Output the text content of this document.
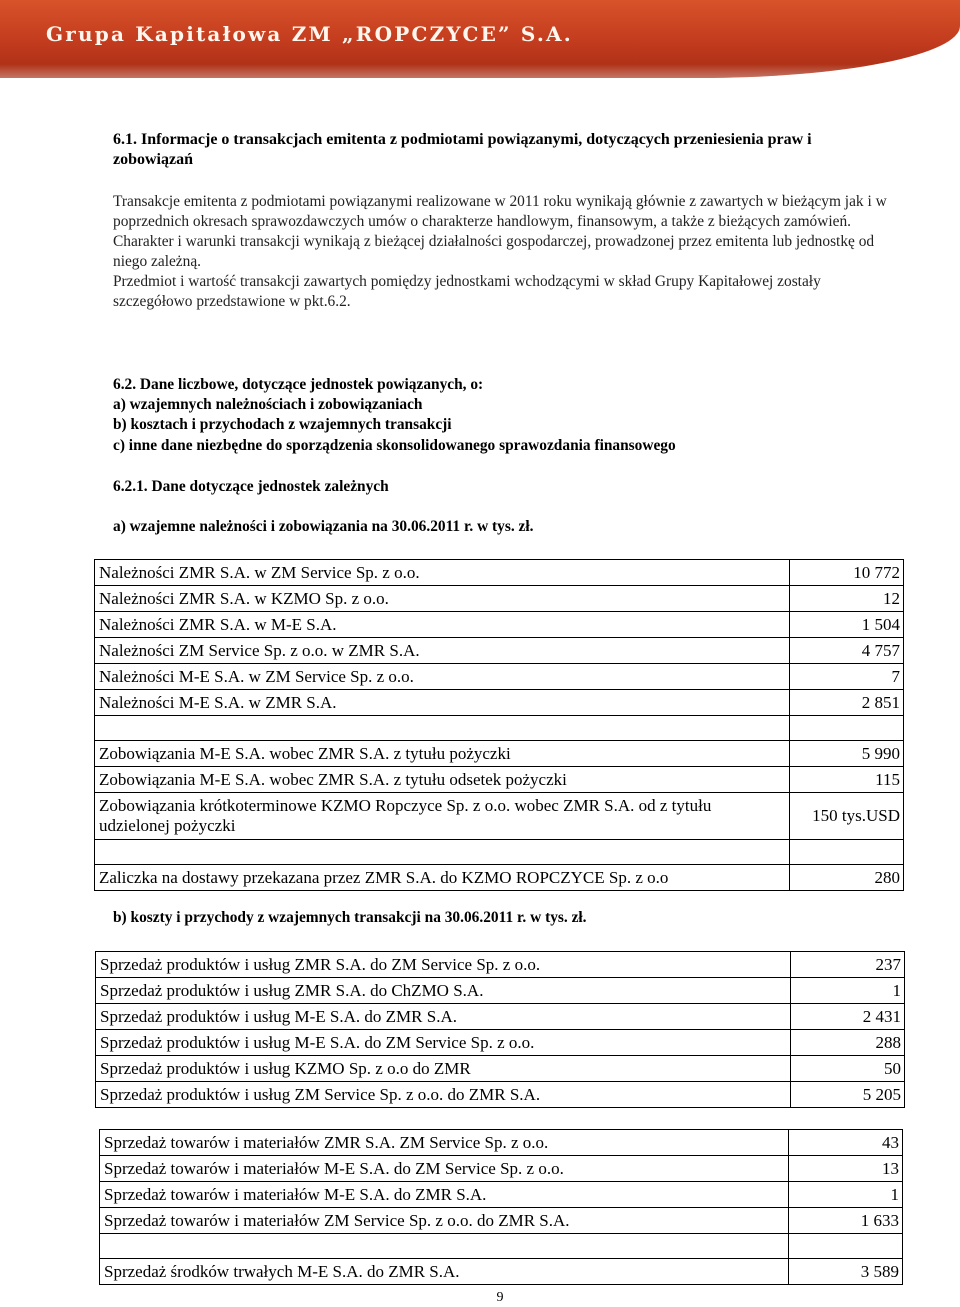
Grupa Kapitałowa ZM „ROPCZYCE” S.A.
6.1. Informacje o transakcjach emitenta z podmiotami powiązanymi, dotyczących przeniesienia praw i zobowiązań

Transakcje emitenta z podmiotami powiązanymi realizowane w 2011 roku wynikają głównie z zawartych w bieżącym jak i w poprzednich okresach sprawozdawczych umów o charakterze handlowym, finansowym, a także z bieżących zamówień.

Charakter i warunki transakcji wynikają z bieżącej działalności gospodarczej, prowadzonej przez emitenta lub jednostkę od niego zależną.

Przedmiot i wartość transakcji zawartych pomiędzy jednostkami wchodzącymi w skład Grupy Kapitałowej zostały szczegółowo przedstawione w pkt.6.2.

6.2. Dane liczbowe, dotyczące jednostek powiązanych, o:
a) wzajemnych należnościach i zobowiązaniach
b) kosztach i przychodach z wzajemnych transakcji
c) inne dane niezbędne do sporządzenia skonsolidowanego sprawozdania finansowego
6.2.1. Dane dotyczące jednostek zależnych
a) wzajemne należności i zobowiązania na 30.06.2011 r. w tys. zł.
Należności ZMR S.A. w ZM Service Sp. z o.o.	10 772
Należności ZMR S.A. w KZMO Sp. z o.o.	12
Należności ZMR S.A. w M-E S.A.	1 504
Należności ZM Service Sp. z o.o. w ZMR S.A.	4 757
Należności M-E S.A. w ZM Service Sp. z o.o.	7
Należności M-E S.A. w ZMR S.A.	2 851

Zobowiązania M-E S.A. wobec ZMR S.A. z tytułu pożyczki	5 990
Zobowiązania M-E S.A. wobec ZMR S.A. z tytułu odsetek pożyczki	115
Zobowiązania krótkoterminowe KZMO Ropczyce Sp. z o.o. wobec ZMR S.A. od z tytułu udzielonej pożyczki	150 tys.USD

Zaliczka na dostawy przekazana przez ZMR S.A. do KZMO ROPCZYCE Sp. z o.o	280
b) koszty i przychody z wzajemnych transakcji na 30.06.2011 r. w tys. zł.
Sprzedaż produktów i usług ZMR S.A. do ZM Service Sp. z o.o.	237
Sprzedaż produktów i usług ZMR S.A. do ChZMO S.A.	1
Sprzedaż produktów i usług M-E S.A. do ZMR S.A.	2 431
Sprzedaż produktów i usług M-E S.A. do ZM Service Sp. z o.o.	288
Sprzedaż produktów i usług KZMO Sp. z o.o do ZMR	50
Sprzedaż produktów i usług ZM Service Sp. z o.o. do ZMR S.A.	5 205
Sprzedaż towarów i materiałów ZMR S.A. ZM Service Sp. z o.o.	43
Sprzedaż towarów i materiałów M-E S.A. do ZM Service Sp. z o.o.	13
Sprzedaż towarów i materiałów M-E S.A. do ZMR S.A.	1
Sprzedaż towarów i materiałów ZM Service Sp. z o.o. do ZMR S.A.	1 633

Sprzedaż środków trwałych M-E S.A. do ZMR S.A.	3 589
9
